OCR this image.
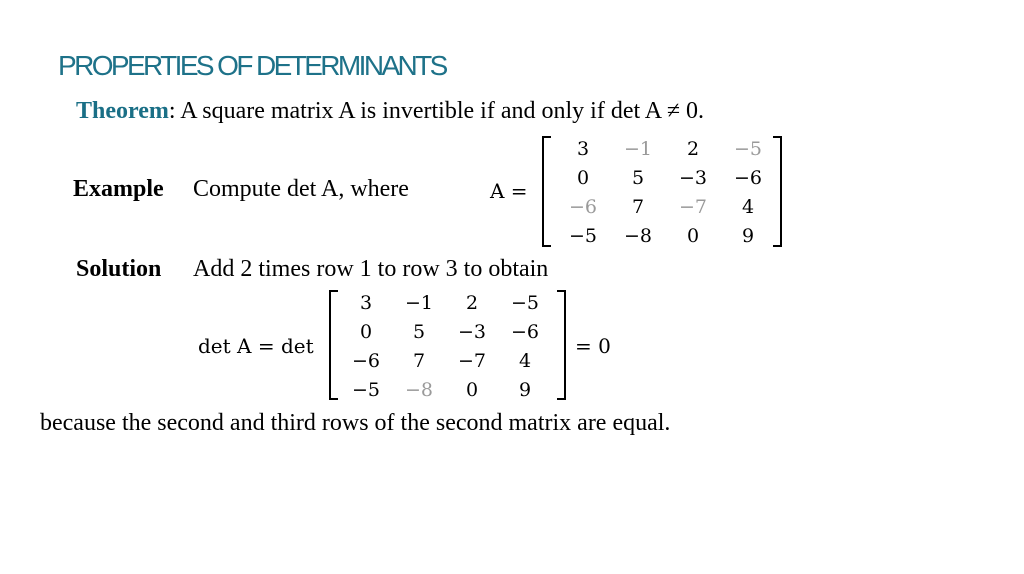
PROPERTIES OF DETERMINANTS
Theorem: A square matrix A is invertible if and only if det A ≠ 0.
Example Compute det A, where
Solution Add 2 times row 1 to row 3 to obtain
A =
3 −1 2 −5
0 5 −3 −6
−6 7 −7 4
−5 −8 0 9
det A = det
3 −1 2 −5
0 5 −3 −6
−6 7 −7 4
−5 −8 0 9
= 0
because the second and third rows of the second matrix are equal.
